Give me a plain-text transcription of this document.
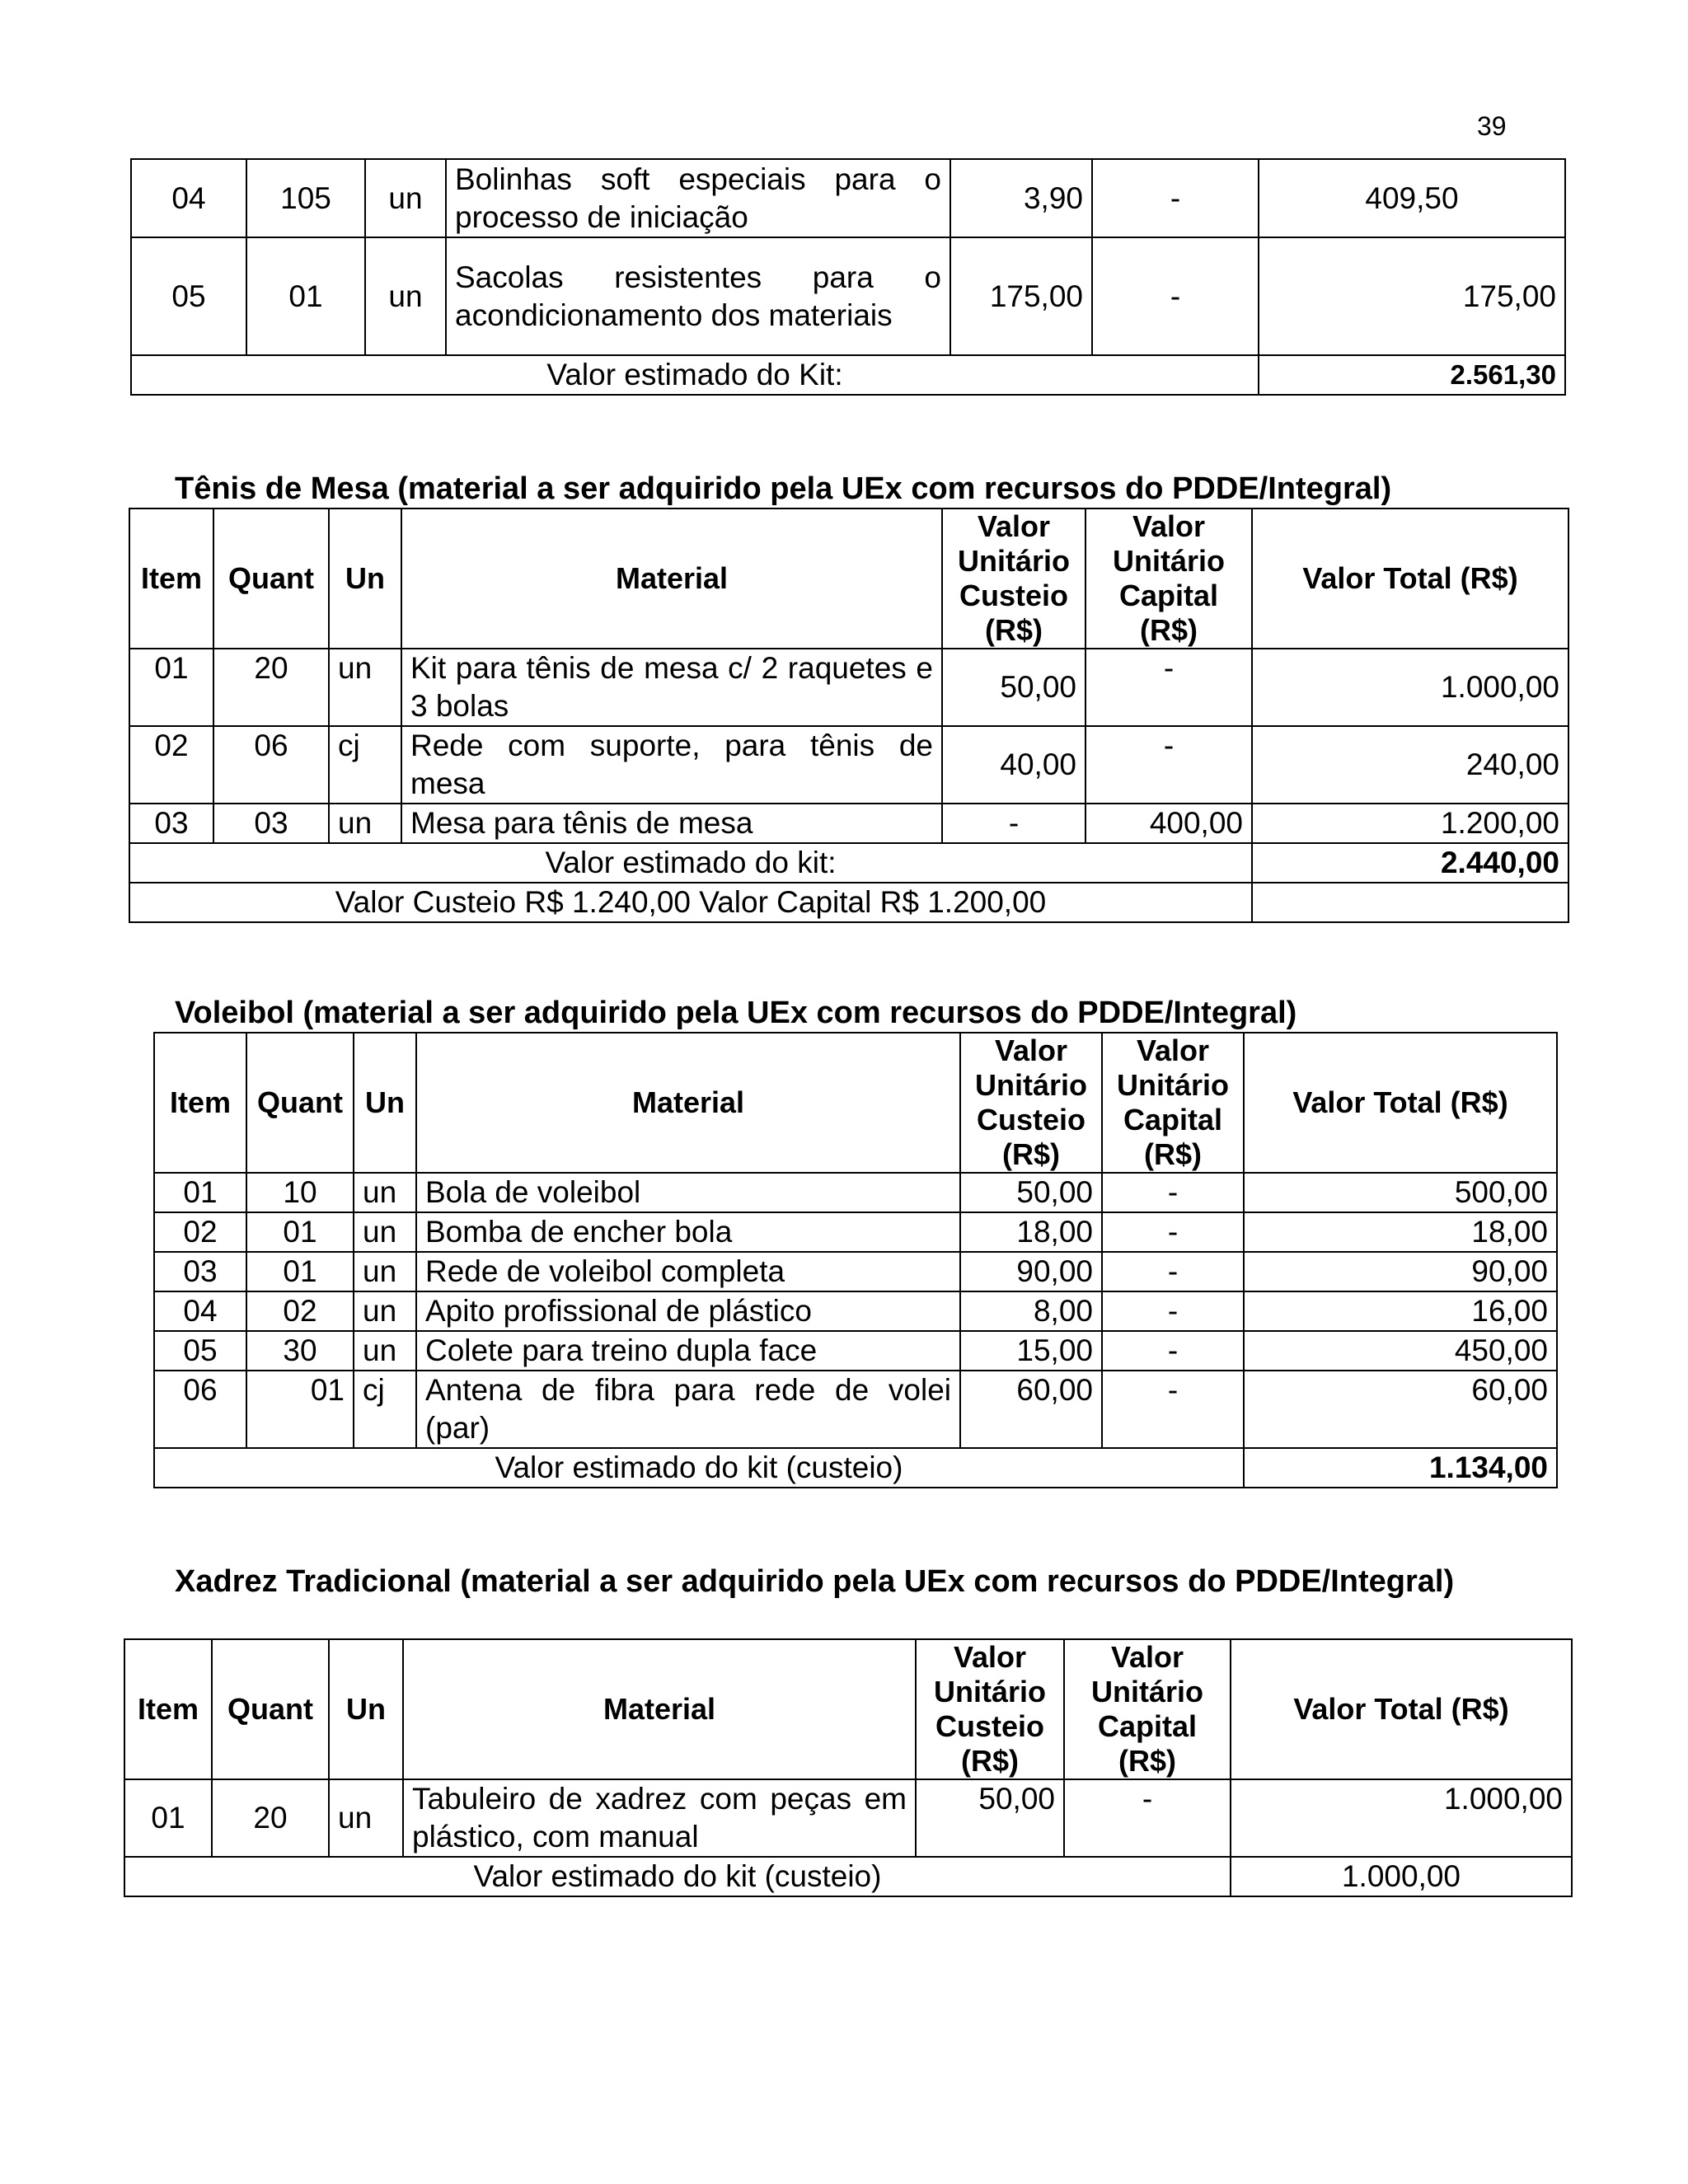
39
04	105	un	Bolinhas soft especiais para o processo de iniciação	3,90	-	409,50
05	01	un	Sacolas resistentes para o acondicionamento dos materiais	175,00	-	175,00
Valor estimado do Kit:						2.561,30
Tênis de Mesa (material a ser adquirido pela UEx com recursos do PDDE/Integral)
Item	Quant	Un	Material	Valor Unitário Custeio (R$)	Valor Unitário Capital (R$)	Valor Total (R$)
01	20	un	Kit para tênis de mesa c/ 2 raquetes e 3 bolas	50,00	-	1.000,00
02	06	cj	Rede com suporte, para tênis de mesa	40,00	-	240,00
03	03	un	Mesa para tênis de mesa	-	400,00	1.200,00
Valor estimado do kit:						2.440,00
Valor Custeio R$ 1.240,00 Valor Capital R$ 1.200,00						
Voleibol (material a ser adquirido pela UEx com recursos do PDDE/Integral)
Item	Quant	Un	Material	Valor Unitário Custeio (R$)	Valor Unitário Capital (R$)	Valor Total (R$)
01	10	un	Bola de voleibol	50,00	-	500,00
02	01	un	Bomba de encher bola	18,00	-	18,00
03	01	un	Rede de voleibol completa	90,00	-	90,00
04	02	un	Apito profissional de plástico	8,00	-	16,00
05	30	un	Colete para treino dupla face	15,00	-	450,00
06	01	cj	Antena de fibra para rede de volei (par)	60,00	-	60,00
Valor estimado do kit (custeio)						1.134,00
Xadrez Tradicional (material a ser adquirido pela UEx com recursos do PDDE/Integral)
Item	Quant	Un	Material	Valor Unitário Custeio (R$)	Valor Unitário Capital (R$)	Valor Total (R$)
01	20	un	Tabuleiro de xadrez com peças em plástico, com manual	50,00	-	1.000,00
Valor estimado do kit (custeio)						1.000,00
